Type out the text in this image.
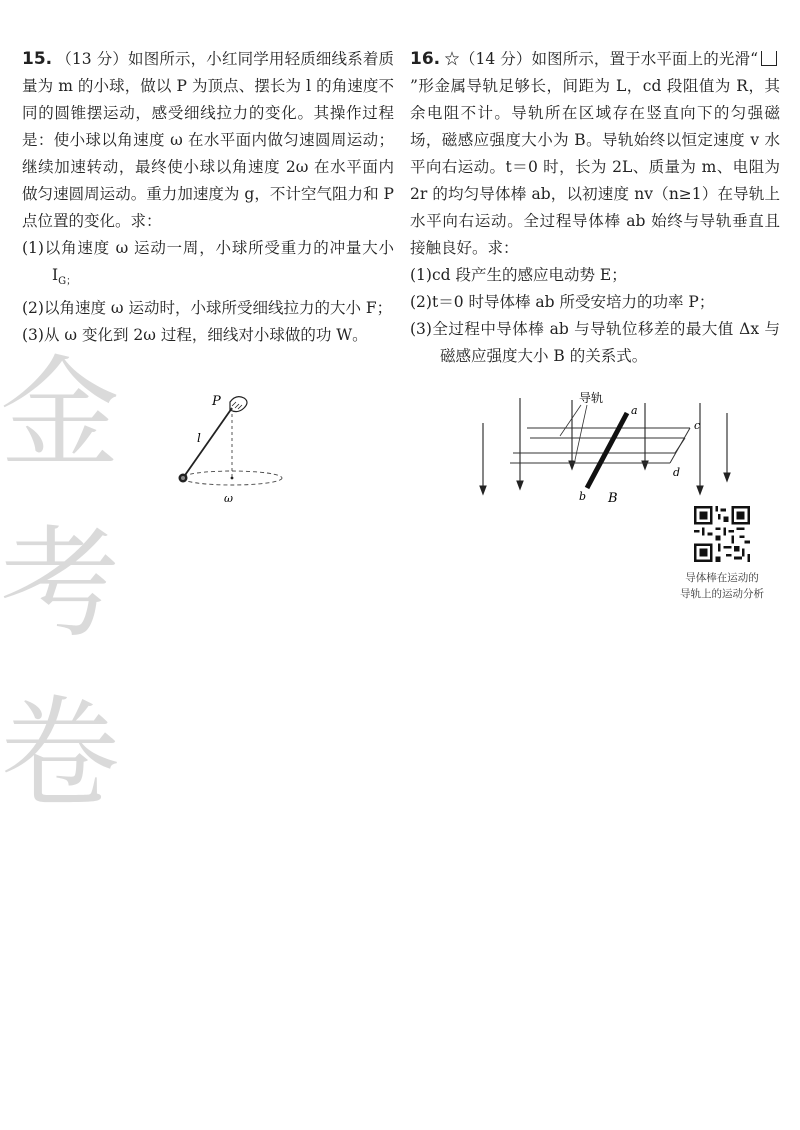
金
考
卷

15. （13 分）如图所示，小红同学用轻质细线系着质量为 m 的小球，做以 P 为顶点、摆长为 l 的角速度不同的圆锥摆运动，感受细线拉力的变化。其操作过程是：使小球以角速度 ω 在水平面内做匀速圆周运动；继续加速转动，最终使小球以角速度 2ω 在水平面内做匀速圆周运动。重力加速度为 g，不计空气阻力和 P 点位置的变化。求：

(1)以角速度 ω 运动一周，小球所受重力的冲量大小 $I_{G;}$

(2)以角速度 ω 运动时，小球所受细线拉力的大小 F；

(3)从 ω 变化到 2ω 过程，细线对小球做的功 W。

P
l
ω

16. ☆（14 分）如图所示，置于水平面上的光滑“”形金属导轨足够长，间距为 L，cd 段阻值为 R，其余电阻不计。导轨所在区域存在竖直向下的匀强磁场，磁感应强度大小为 B。导轨始终以恒定速度 v 水平向右运动。t＝0 时，长为 2L、质量为 m、电阻为 2r 的均匀导体棒 ab，以初速度 nv（n≥1）在导轨上水平向右运动。全过程导体棒 ab 始终与导轨垂直且接触良好。求：

(1)cd 段产生的感应电动势 E；

(2)t＝0 时导体棒 ab 所受安培力的功率 P；

(3)全过程中导体棒 ab 与导轨位移差的最大值 Δx 与磁感应强度大小 B 的关系式。

导轨
a
b
c
d
B
导体棒在运动的
导轨上的运动分析
